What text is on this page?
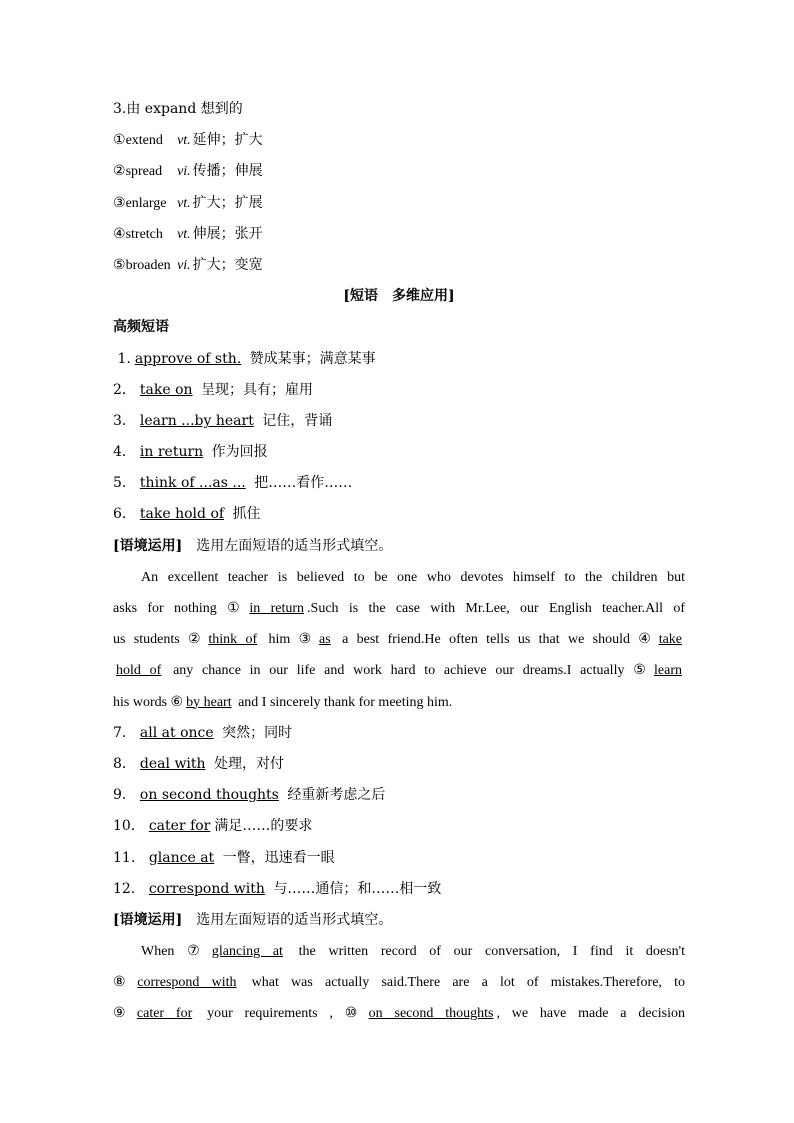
3.由 expand 想到的
①extend vt. 延伸；扩大
②spread vi. 传播；伸展
③enlarge vt. 扩大；扩展
④stretch vt. 伸展；张开
⑤broaden vi. 扩大；变宽
[短语　多维应用]
高频短语
1. approve of sth. 赞成某事；满意某事
2． take on 呈现；具有；雇用
3． learn ...by heart 记住，背诵
4． in return 作为回报
5． think of ...as ... 把……看作……
6． take hold of 抓住
[语境运用]　 选用左面短语的适当形式填空。
An excellent teacher is believed to be one who devotes himself to the children but
asks for nothing ① in return .Such is the case with Mr.Lee, our English teacher.All of
us students ② think of him ③ as a best friend.He often tells us that we should ④ take
hold of any chance in our life and work hard to achieve our dreams.I actually ⑤ learn
his words ⑥ by heart and I sincerely thank for meeting him.
7． all at once 突然；同时
8． deal with 处理，对付
9． on second thoughts 经重新考虑之后
10． cater for 满足……的要求
11． glance at 一瞥，迅速看一眼
12． correspond with 与……通信；和……相一致
[语境运用]　 选用左面短语的适当形式填空。
When ⑦ glancing at the written record of our conversation, I find it doesn't
⑧ correspond with what was actually said.There are a lot of mistakes.Therefore, to
⑨ cater for your requirements , ⑩ on second thoughts , we have made a decision
